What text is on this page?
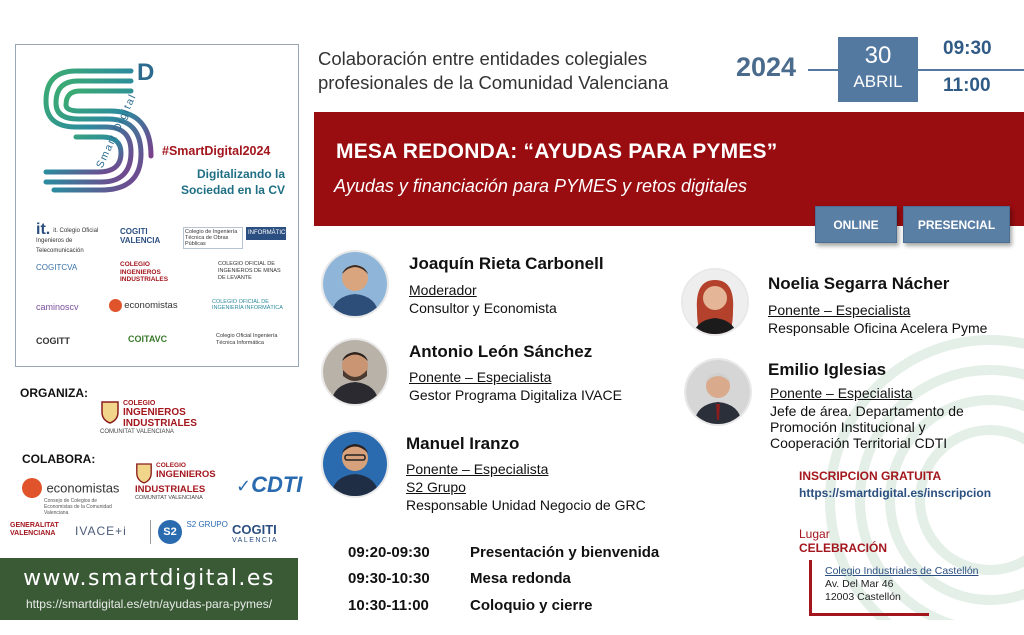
D
Smart Digital #SmartDigital2024
Digitalizando la
Sociedad en la CV
it. it. Colegio Oficial Ingenieros de Telecomunicación
COGITI VALENCIA
Colegio de Ingeniería Técnica de Obras Públicas
INFORMÀTICS
COGITCVA	COLEGIO INGENIEROS INDUSTRIALES
COLEGIO OFICIAL DE INGENIEROS DE MINAS DE LEVANTE
caminoscv	economistas	COLEGIO OFICIAL DE INGENIERÍA INFORMÁTICA
COGITT	COITAVC	Colegio Oficial Ingeniería Técnica Informática
ORGANIZA:
COLEGIO
INGENIEROS
INDUSTRIALES
COMUNITAT VALENCIANA
COLABORA:
economistas
Consejo de Colegios de Economistas de la Comunidad Valenciana
COLEGIO
INGENIEROS
INDUSTRIALES
COMUNITAT VALENCIANA
✓CDTI
GENERALITAT
VALENCIANA	IVACE+i	S2 $^{S2 GRUPO}$ COGITI
VALENCIA
www.smartdigital.es
https://smartdigital.es/etn/ayudas-para-pymes/
Colaboración entre entidades colegiales
profesionales de la Comunidad Valenciana
2024	30
ABRIL
09:30
11:00
MESA REDONDA: “AYUDAS PARA PYMES”
Ayudas y financiación para PYMES y retos digitales
ONLINE	PRESENCIAL
Joaquín Rieta Carbonell
Moderador
Consultor y Economista
Antonio León Sánchez
Ponente – Especialista
Gestor Programa Digitaliza IVACE
Manuel Iranzo
Ponente – Especialista
S2 Grupo
Responsable Unidad Negocio de GRC
Noelia Segarra Nácher
Ponente – Especialista
Responsable Oficina Acelera Pyme
Emilio Iglesias
Ponente – Especialista
Jefe de área. Departamento de
Promoción Institucional y
Cooperación Territorial CDTI
09:20-09:30	Presentación y bienvenida
09:30-10:30	Mesa redonda
10:30-11:00	Coloquio y cierre
INSCRIPCION GRATUITA
https://smartdigital.es/inscripcion
Lugar
CELEBRACIÓN
Colegio Industriales de Castellón
Av. Del Mar 46
12003 Castellón
